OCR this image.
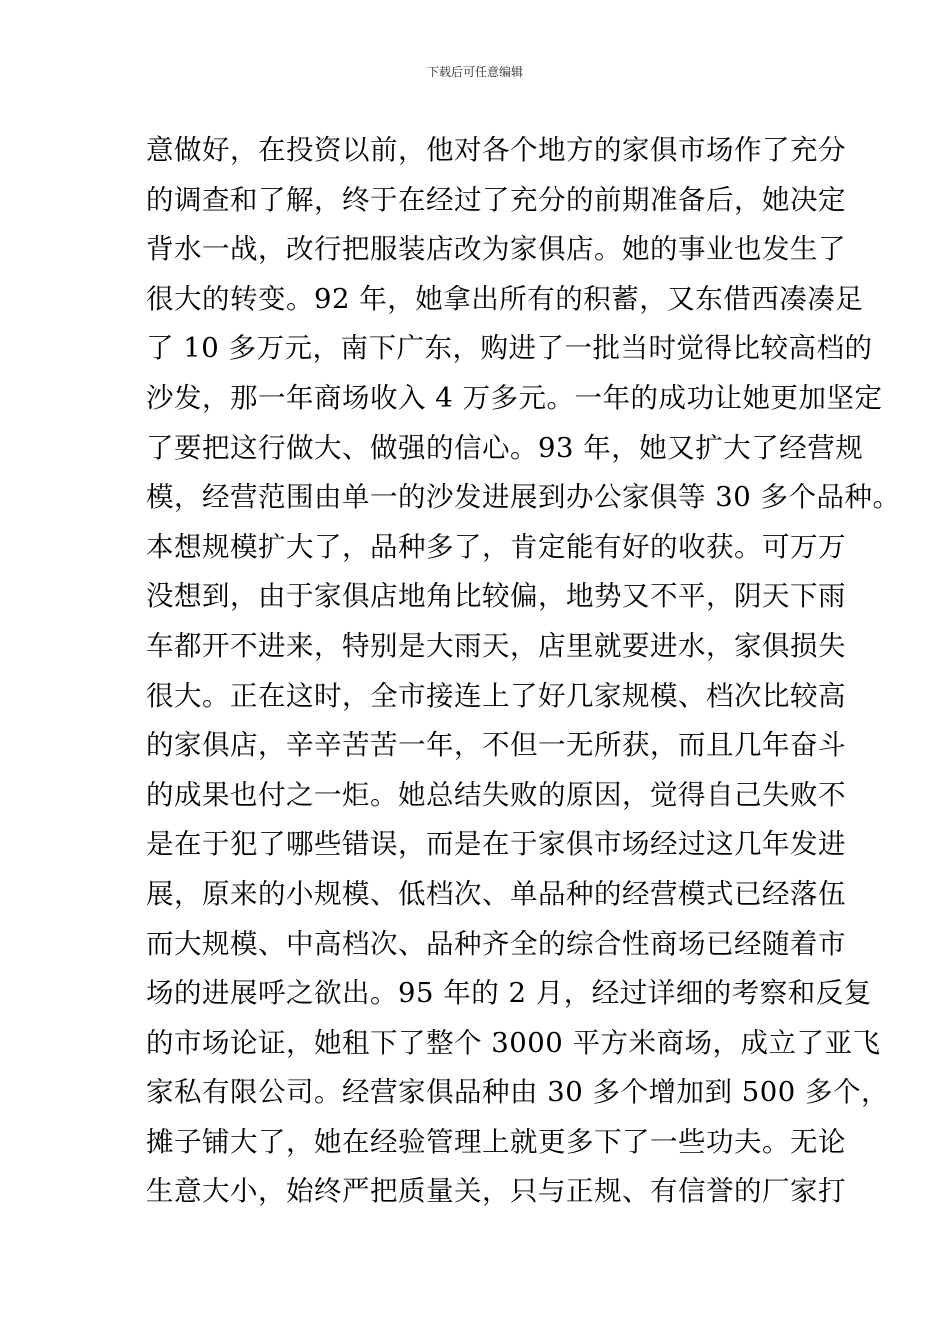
下载后可任意编辑
意做好，在投资以前，他对各个地方的家俱市场作了充分
的调查和了解，终于在经过了充分的前期准备后，她决定
背水一战，改行把服装店改为家俱店。她的事业也发生了
很大的转变。92 年，她拿出所有的积蓄，又东借西凑凑足
了 10 多万元，南下广东，购进了一批当时觉得比较高档的
沙发，那一年商场收入 4 万多元。一年的成功让她更加坚定
了要把这行做大、做强的信心。93 年，她又扩大了经营规
模，经营范围由单一的沙发进展到办公家俱等 30 多个品种。
本想规模扩大了，品种多了，肯定能有好的收获。可万万
没想到，由于家俱店地角比较偏，地势又不平，阴天下雨
车都开不进来，特别是大雨天，店里就要进水，家俱损失
很大。正在这时，全市接连上了好几家规模、档次比较高
的家俱店，辛辛苦苦一年，不但一无所获，而且几年奋斗
的成果也付之一炬。她总结失败的原因，觉得自己失败不
是在于犯了哪些错误，而是在于家俱市场经过这几年发进
展，原来的小规模、低档次、单品种的经营模式已经落伍
而大规模、中高档次、品种齐全的综合性商场已经随着市
场的进展呼之欲出。95 年的 2 月，经过详细的考察和反复
的市场论证，她租下了整个 3000 平方米商场，成立了亚飞
家私有限公司。经营家俱品种由 30 多个增加到 500 多个，
摊子铺大了，她在经验管理上就更多下了一些功夫。无论
生意大小，始终严把质量关，只与正规、有信誉的厂家打
